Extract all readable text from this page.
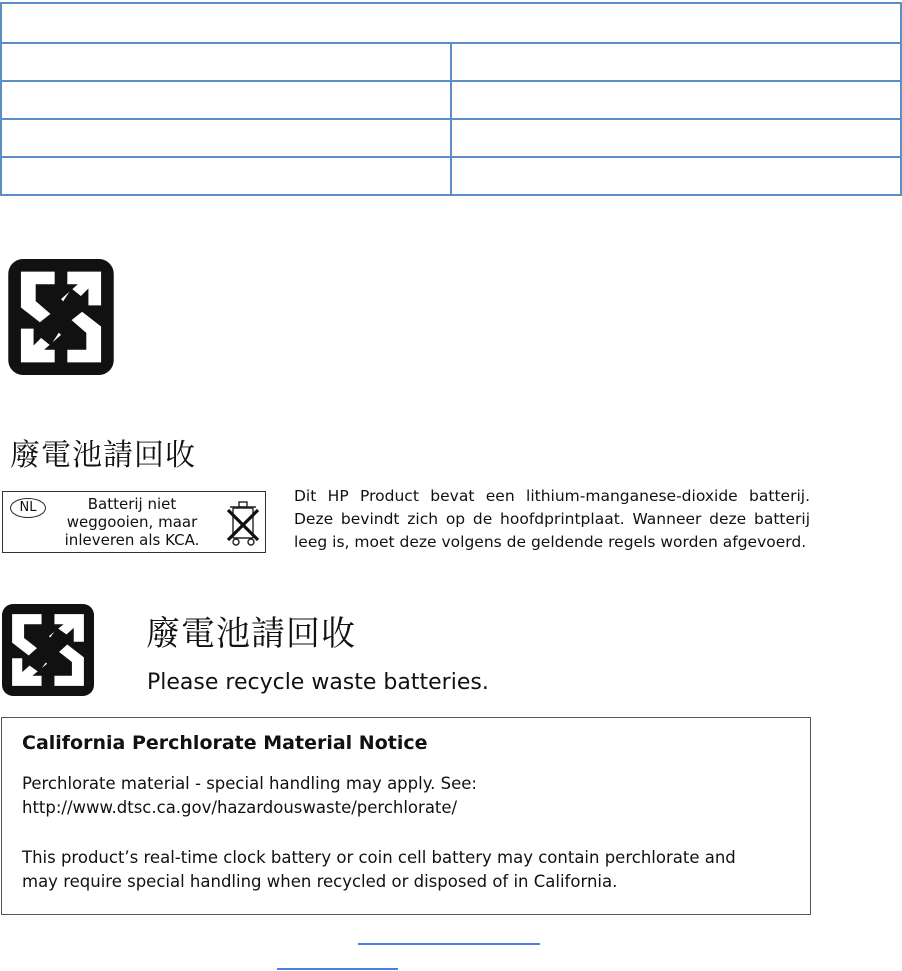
廢電池請回收
NL	Batterij niet
weggooien, maar
inleveren als KCA.

Dit HP Product bevat een lithium-manganese-dioxide batterij. Deze bevindt zich op de hoofdprintplaat. Wanneer deze batterij leeg is, moet deze volgens de geldende regels worden afgevoerd.

廢電池請回收

Please recycle waste batteries.

California Perchlorate Material Notice

Perchlorate material - special handling may apply. See:

http://www.dtsc.ca.gov/hazardouswaste/perchlorate/

This product’s real-time clock battery or coin cell battery may contain perchlorate and

may require special handling when recycled or disposed of in California.
